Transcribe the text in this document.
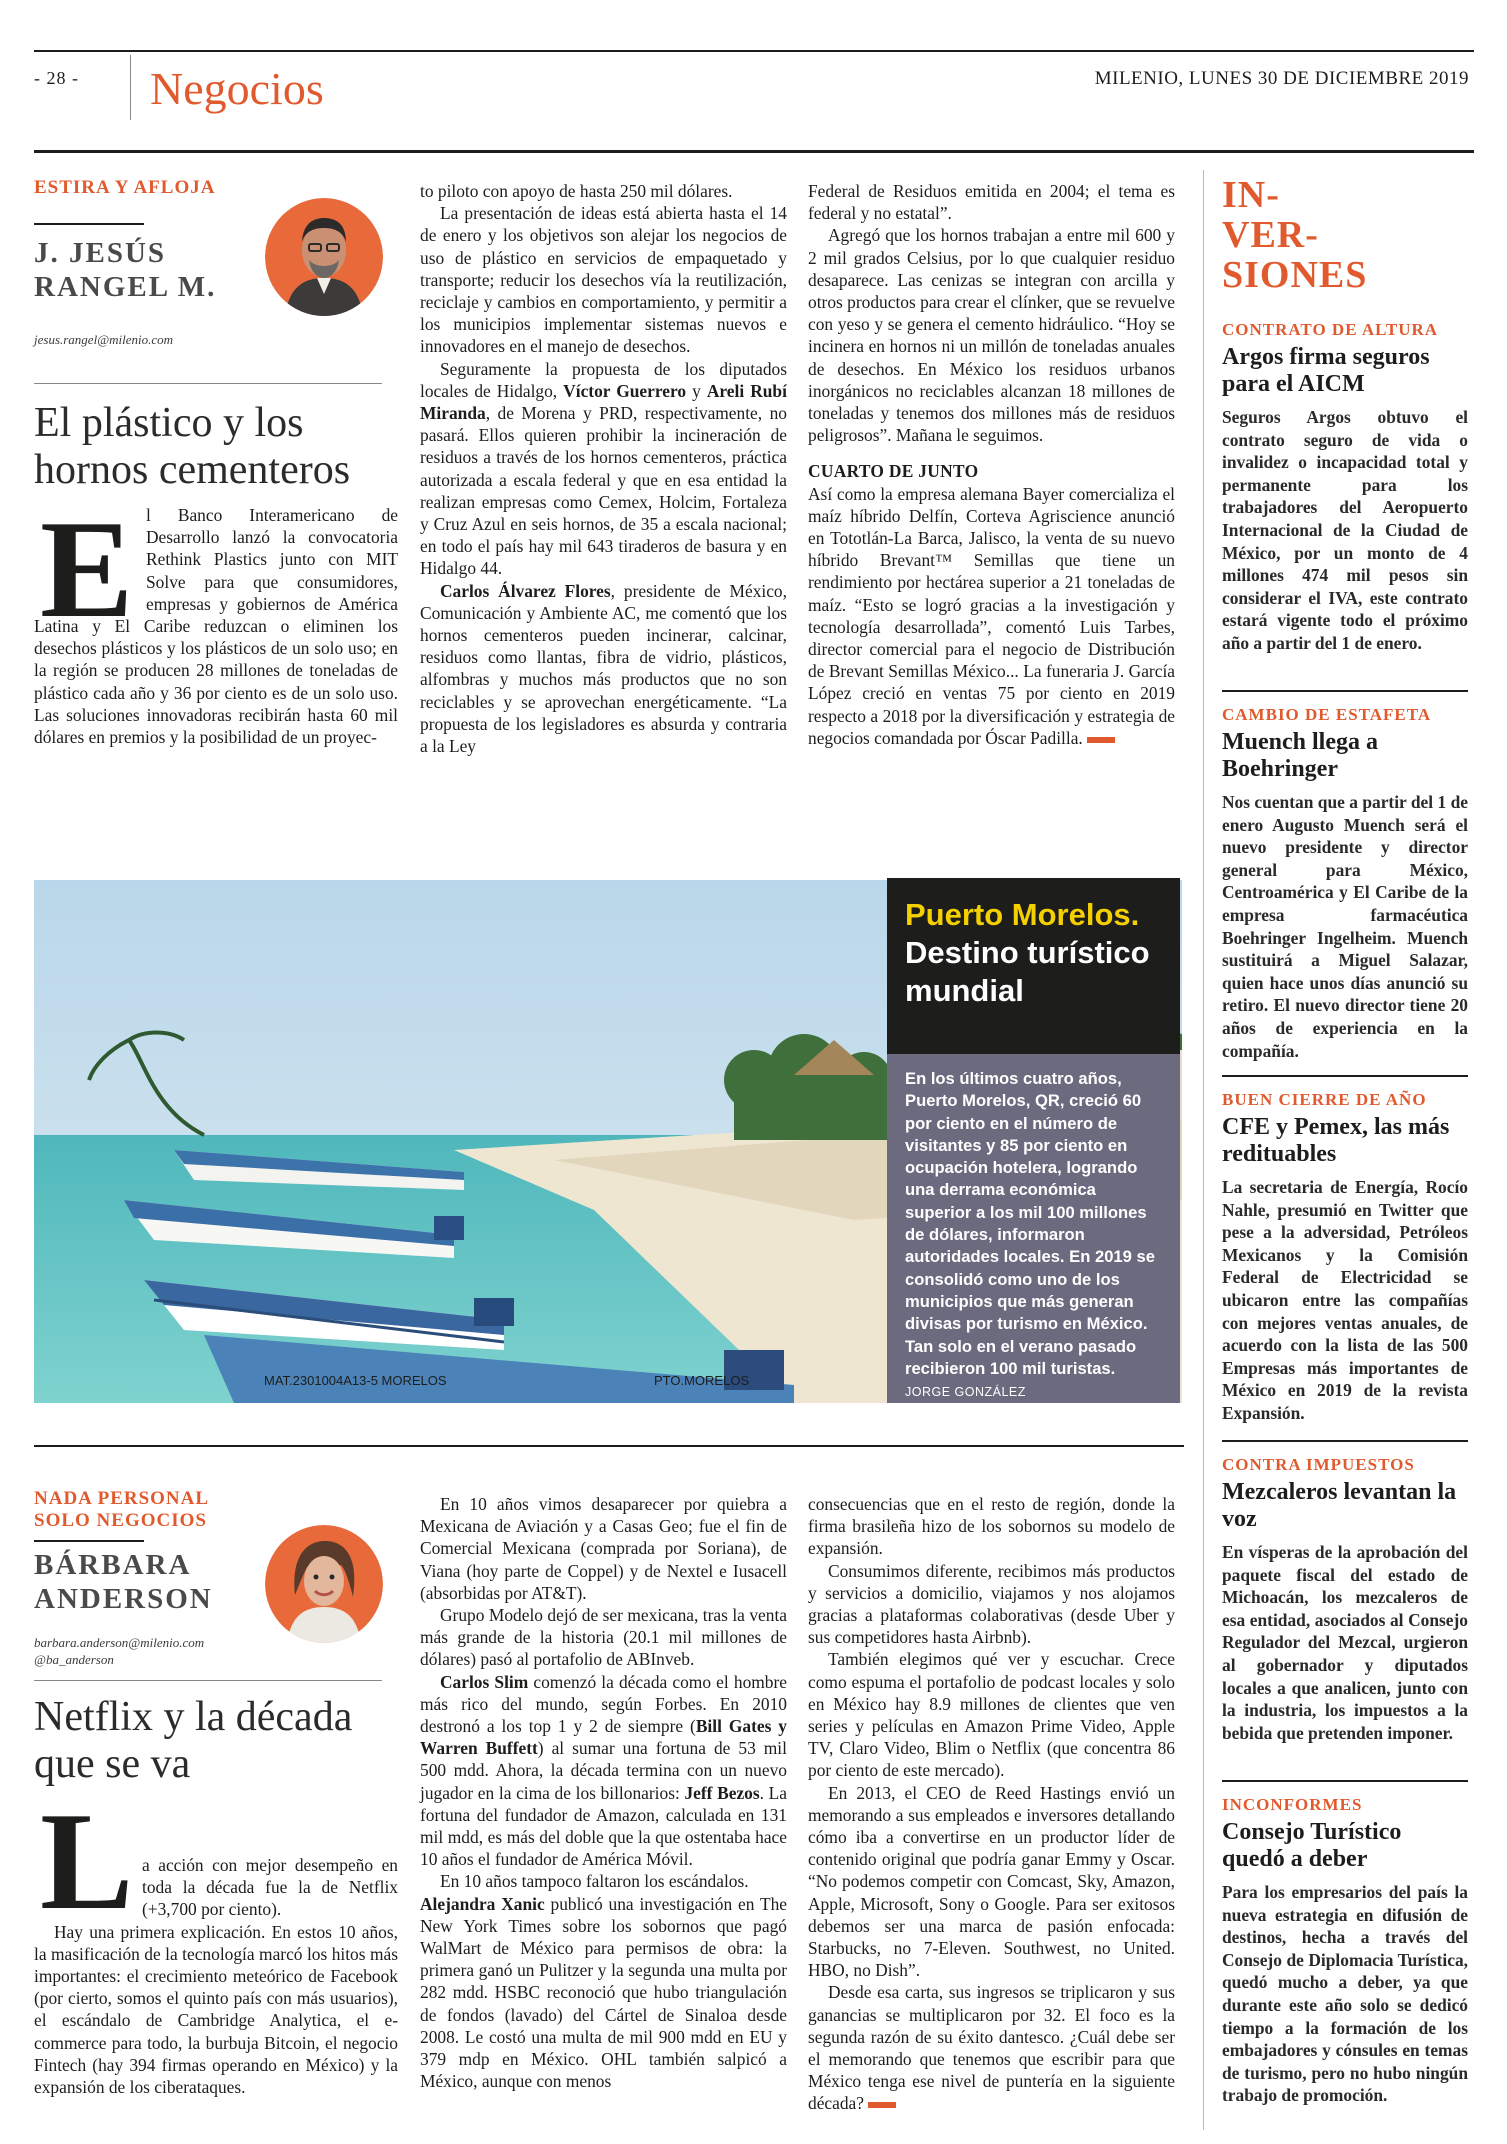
- 28 - Negocios	MILENIO, LUNES 30 DE DICIEMBRE 2019
ESTIRA Y AFLOJA
J. JESÚS
RANGEL M.
jesus.rangel@milenio.com
El plástico y los hornos cementeros
E l Banco Interamericano de Desarrollo lanzó la convocatoria Rethink Plastics junto con MIT Solve para que consumidores, empresas y gobiernos de América Latina y El Caribe reduzcan o eliminen los desechos plásticos y los plásticos de un solo uso; en la región se producen 28 millones de toneladas de plástico cada año y 36 por ciento es de un solo uso. Las soluciones innovadoras recibirán hasta 60 mil dólares en premios y la posibilidad de un proyec-

to piloto con apoyo de hasta 250 mil dólares.

La presentación de ideas está abierta hasta el 14 de enero y los objetivos son alejar los negocios de uso de plástico en servicios de empaquetado y transporte; reducir los desechos vía la reutilización, reciclaje y cambios en comportamiento, y permitir a los municipios implementar sistemas nuevos e innovadores en el manejo de desechos.

Seguramente la propuesta de los diputados locales de Hidalgo, Víctor Guerrero y Areli Rubí Miranda, de Morena y PRD, respectivamente, no pasará. Ellos quieren prohibir la incineración de residuos a través de los hornos cementeros, práctica autorizada a escala federal y que en esa entidad la realizan empresas como Cemex, Holcim, Fortaleza y Cruz Azul en seis hornos, de 35 a escala nacional; en todo el país hay mil 643 tiraderos de basura y en Hidalgo 44.

Carlos Álvarez Flores, presidente de México, Comunicación y Ambiente AC, me comentó que los hornos cementeros pueden incinerar, calcinar, residuos como llantas, fibra de vidrio, plásticos, alfombras y muchos más productos que no son reciclables y se aprovechan energéticamente. “La propuesta de los legisladores es absurda y contraria a la Ley

Federal de Residuos emitida en 2004; el tema es federal y no estatal”.

Agregó que los hornos trabajan a entre mil 600 y 2 mil grados Celsius, por lo que cualquier residuo desaparece. Las cenizas se integran con arcilla y otros productos para crear el clínker, que se revuelve con yeso y se genera el cemento hidráulico. “Hoy se incinera en hornos ni un millón de toneladas anuales de desechos. En México los residuos urbanos inorgánicos no reciclables alcanzan 18 millones de toneladas y tenemos dos millones más de residuos peligrosos”. Mañana le seguimos.

CUARTO DE JUNTO

Así como la empresa alemana Bayer comercializa el maíz híbrido Delfín, Corteva Agriscience anunció en Tototlán-La Barca, Jalisco, la venta de su nuevo híbrido Brevant™ Semillas que tiene un rendimiento por hectárea superior a 21 toneladas de maíz. “Esto se logró gracias a la investigación y tecnología desarrollada”, comentó Luis Tarbes, director comercial para el negocio de Distribución de Brevant Semillas México... La funeraria J. García López creció en ventas 75 por ciento en 2019 respecto a 2018 por la diversificación y estrategia de negocios comandada por Óscar Padilla.

MAT.2301004A13-5 MORELOS	PTO.MORELOS
Puerto Morelos.
Destino turístico mundial
En los últimos cuatro años, Puerto Morelos, QR, creció 60 por ciento en el número de visitantes y 85 por ciento en ocupación hotelera, logrando una derrama económica superior a los mil 100 millones de dólares, informaron autoridades locales. En 2019 se consolidó como uno de los municipios que más generan divisas por turismo en México. Tan solo en el verano pasado recibieron 100 mil turistas. JORGE GONZÁLEZ
NADA PERSONAL
SOLO NEGOCIOS
BÁRBARA
ANDERSON
barbara.anderson@milenio.com
@ba_anderson
Netflix y la década que se va
L a acción con mejor desempeño en toda la década fue la de Netflix (+3,700 por ciento).

Hay una primera explicación. En estos 10 años, la masificación de la tecnología marcó los hitos más importantes: el crecimiento meteórico de Facebook (por cierto, somos el quinto país con más usuarios), el escándalo de Cambridge Analytica, el e-commerce para todo, la burbuja Bitcoin, el negocio Fintech (hay 394 firmas operando en México) y la expansión de los ciberataques.

En 10 años vimos desaparecer por quiebra a Mexicana de Aviación y a Casas Geo; fue el fin de Comercial Mexicana (comprada por Soriana), de Viana (hoy parte de Coppel) y de Nextel e Iusacell (absorbidas por AT&T).

Grupo Modelo dejó de ser mexicana, tras la venta más grande de la historia (20.1 mil millones de dólares) pasó al portafolio de ABInveb.

Carlos Slim comenzó la década como el hombre más rico del mundo, según Forbes. En 2010 destronó a los top 1 y 2 de siempre (Bill Gates y Warren Buffett) al sumar una fortuna de 53 mil 500 mdd. Ahora, la década termina con un nuevo jugador en la cima de los billonarios: Jeff Bezos. La fortuna del fundador de Amazon, calculada en 131 mil mdd, es más del doble que la que ostentaba hace 10 años el fundador de América Móvil.

En 10 años tampoco faltaron los escándalos.

Alejandra Xanic publicó una investigación en The New York Times sobre los sobornos que pagó WalMart de México para permisos de obra: la primera ganó un Pulitzer y la segunda una multa por 282 mdd. HSBC reconoció que hubo triangulación de fondos (lavado) del Cártel de Sinaloa desde 2008. Le costó una multa de mil 900 mdd en EU y 379 mdp en México. OHL también salpicó a México, aunque con menos

consecuencias que en el resto de región, donde la firma brasileña hizo de los sobornos su modelo de expansión.

Consumimos diferente, recibimos más productos y servicios a domicilio, viajamos y nos alojamos gracias a plataformas colaborativas (desde Uber y sus competidores hasta Airbnb).

También elegimos qué ver y escuchar. Crece como espuma el portafolio de podcast locales y solo en México hay 8.9 millones de clientes que ven series y películas en Amazon Prime Video, Apple TV, Claro Video, Blim o Netflix (que concentra 86 por ciento de este mercado).

En 2013, el CEO de Reed Hastings envió un memorando a sus empleados e inversores detallando cómo iba a convertirse en un productor líder de contenido original que podría ganar Emmy y Oscar. “No podemos competir con Comcast, Sky, Amazon, Apple, Microsoft, Sony o Google. Para ser exitosos debemos ser una marca de pasión enfocada: Starbucks, no 7-Eleven. Southwest, no United. HBO, no Dish”.

Desde esa carta, sus ingresos se triplicaron y sus ganancias se multiplicaron por 32. El foco es la segunda razón de su éxito dantesco. ¿Cuál debe ser el memorando que tenemos que escribir para que México tenga ese nivel de puntería en la siguiente década?

IN-
VER-
SIONES
CONTRATO DE ALTURA
Argos firma seguros para el AICM
Seguros Argos obtuvo el contrato seguro de vida o invalidez o incapacidad total y permanente para los trabajadores del Aeropuerto Internacional de la Ciudad de México, por un monto de 4 millones 474 mil pesos sin considerar el IVA, este contrato estará vigente todo el próximo año a partir del 1 de enero.
CAMBIO DE ESTAFETA
Muench llega a Boehringer
Nos cuentan que a partir del 1 de enero Augusto Muench será el nuevo presidente y director general para México, Centroamérica y El Caribe de la empresa farmacéutica Boehringer Ingelheim. Muench sustituirá a Miguel Salazar, quien hace unos días anunció su retiro. El nuevo director tiene 20 años de experiencia en la compañía.
BUEN CIERRE DE AÑO
CFE y Pemex, las más redituables
La secretaria de Energía, Rocío Nahle, presumió en Twitter que pese a la adversidad, Petróleos Mexicanos y la Comisión Federal de Electricidad se ubicaron entre las compañías con mejores ventas anuales, de acuerdo con la lista de las 500 Empresas más importantes de México en 2019 de la revista Expansión.
CONTRA IMPUESTOS
Mezcaleros levantan la voz
En vísperas de la aprobación del paquete fiscal del estado de Michoacán, los mezcaleros de esa entidad, asociados al Consejo Regulador del Mezcal, urgieron al gobernador y diputados locales a que analicen, junto con la industria, los impuestos a la bebida que pretenden imponer.
INCONFORMES
Consejo Turístico quedó a deber
Para los empresarios del país la nueva estrategia en difusión de destinos, hecha a través del Consejo de Diplomacia Turística, quedó mucho a deber, ya que durante este año solo se dedicó tiempo a la formación de los embajadores y cónsules en temas de turismo, pero no hubo ningún trabajo de promoción.
